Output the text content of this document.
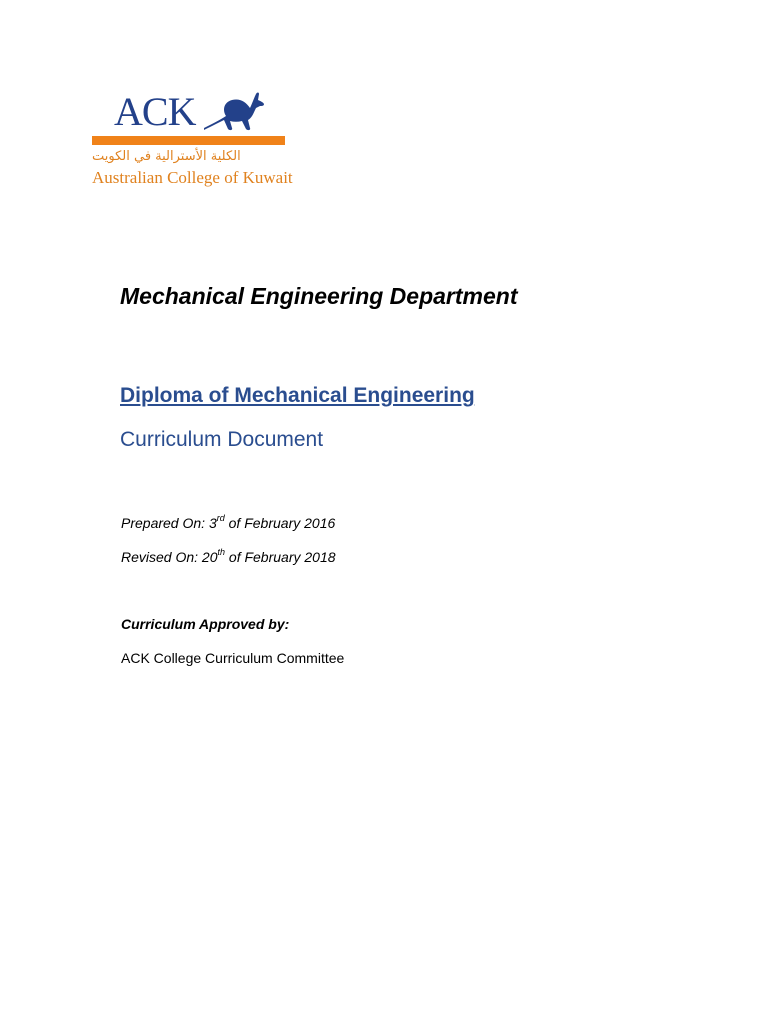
ACK
الكلية الأسترالية في الكويت
Australian College of Kuwait
Mechanical Engineering Department
Diploma of Mechanical Engineering
Curriculum Document
Prepared On: 3rd of February 2016
Revised On: 20th of February 2018
Curriculum Approved by:
ACK College Curriculum Committee
